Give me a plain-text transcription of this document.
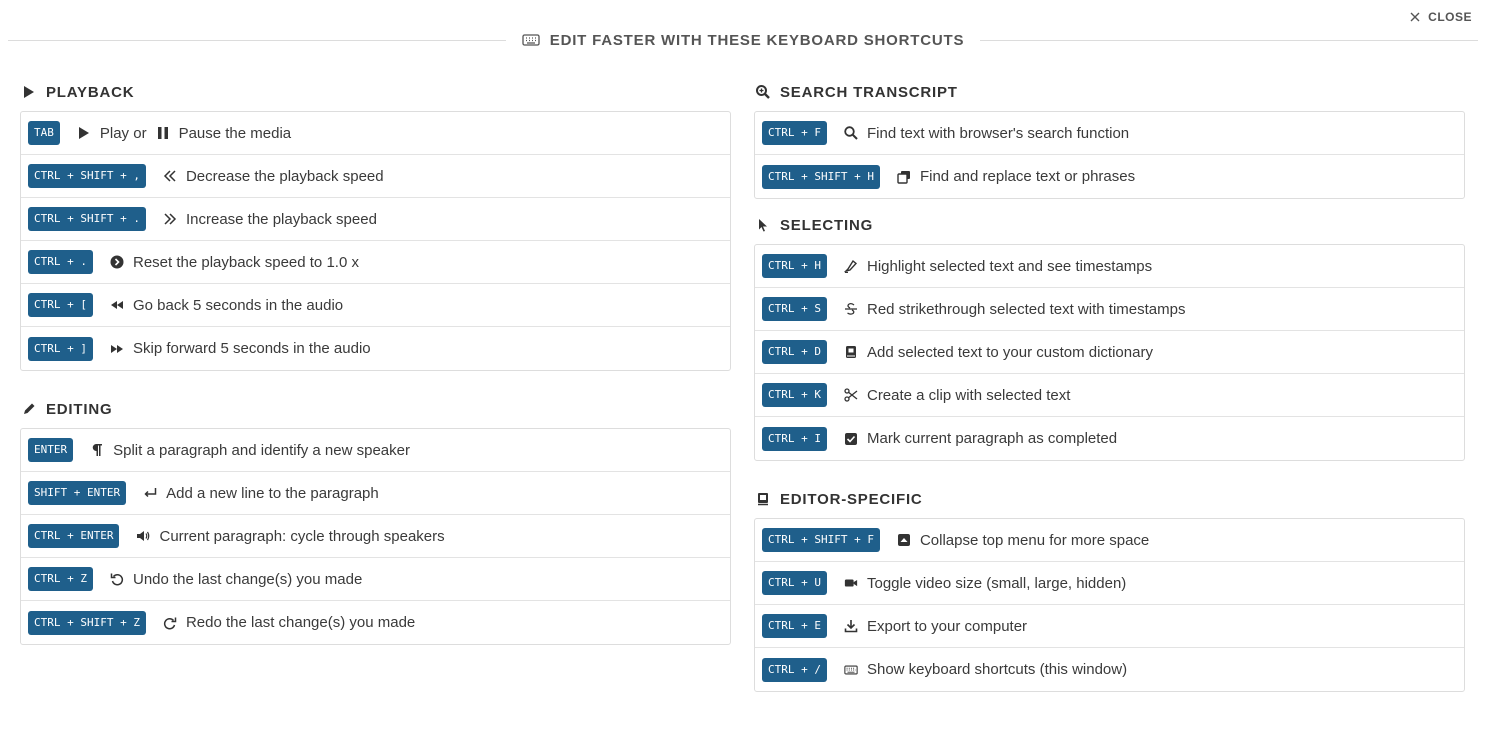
CLOSE
EDIT FASTER WITH THESE KEYBOARD SHORTCUTS
PLAYBACK
TAB	Play or Pause the media
CTRL + SHIFT + ,	Decrease the playback speed
CTRL + SHIFT + .	Increase the playback speed
CTRL + .	Reset the playback speed to 1.0 x
CTRL + [	Go back 5 seconds in the audio
CTRL + ]	Skip forward 5 seconds in the audio
EDITING
ENTER	Split a paragraph and identify a new speaker
SHIFT + ENTER	Add a new line to the paragraph
CTRL + ENTER	Current paragraph: cycle through speakers
CTRL + Z	Undo the last change(s) you made
CTRL + SHIFT + Z	Redo the last change(s) you made
SEARCH TRANSCRIPT
CTRL + F	Find text with browser's search function
CTRL + SHIFT + H	Find and replace text or phrases
SELECTING
CTRL + H	Highlight selected text and see timestamps
CTRL + S	Red strikethrough selected text with timestamps
CTRL + D	Add selected text to your custom dictionary
CTRL + K	Create a clip with selected text
CTRL + I	Mark current paragraph as completed
EDITOR-SPECIFIC
CTRL + SHIFT + F	Collapse top menu for more space
CTRL + U	Toggle video size (small, large, hidden)
CTRL + E	Export to your computer
CTRL + /	Show keyboard shortcuts (this window)
